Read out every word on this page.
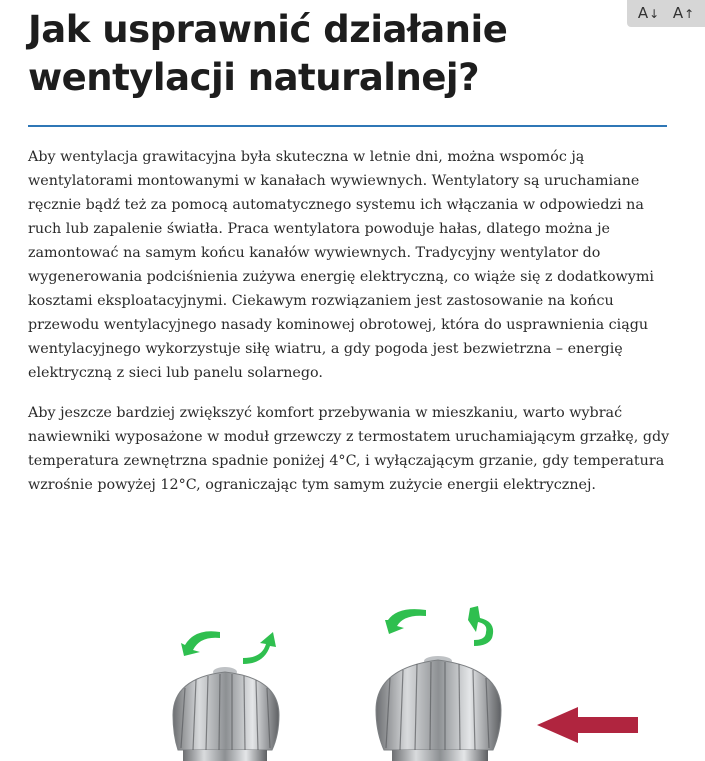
Jak usprawnić działanie wentylacji naturalnej?

Aby wentylacja grawitacyjna była skuteczna w letnie dni, można wspomóc ją wentylatorami montowanymi w kanałach wywiewnych. Wentylatory są uruchamiane ręcznie bądź też za pomocą automatycznego systemu ich włączania w odpowiedzi na ruch lub zapalenie światła. Praca wentylatora powoduje hałas, dlatego można je zamontować na samym końcu kanałów wywiewnych. Tradycyjny wentylator do wygenerowania podciśnienia zużywa energię elektryczną, co wiąże się z dodatkowymi kosztami eksploatacyjnymi. Ciekawym rozwiązaniem jest zastosowanie na końcu przewodu wentylacyjnego nasady kominowej obrotowej, która do usprawnienia ciągu wentylacyjnego wykorzystuje siłę wiatru, a gdy pogoda jest bezwietrzna – energię elektryczną z sieci lub panelu solarnego.

Aby jeszcze bardziej zwiększyć komfort przebywania w mieszkaniu, warto wybrać nawiewniki wyposażone w moduł grzewczy z termostatem uruchamiającym grzałkę, gdy temperatura zewnętrzna spadnie poniżej 4°C, i wyłączającym grzanie, gdy temperatura wzrośnie powyżej 12°C, ograniczając tym samym zużycie energii elektrycznej.

A ↓ A ↑
